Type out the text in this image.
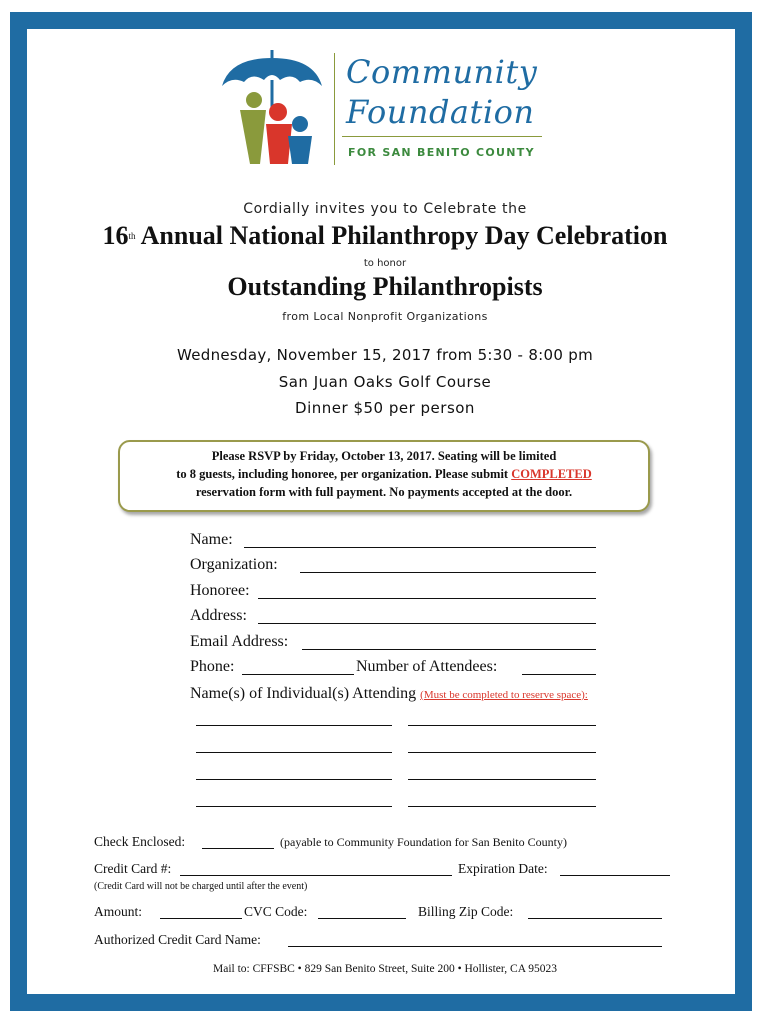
Community
Foundation
FOR SAN BENITO COUNTY
Cordially invites you to Celebrate the
16th Annual National Philanthropy Day Celebration
to honor
Outstanding Philanthropists
from Local Nonprofit Organizations
Wednesday, November 15, 2017 from 5:30 - 8:00 pm
San Juan Oaks Golf Course
Dinner $50 per person
Please RSVP by Friday, October 13, 2017. Seating will be limited
to 8 guests, including honoree, per organization. Please submit COMPLETED
reservation form with full payment. No payments accepted at the door.
Name:
Organization:
Honoree:
Address:
Email Address:
Phone:	Number of Attendees:
Name(s) of Individual(s) Attending (Must be completed to reserve space):
Check Enclosed:	(payable to Community Foundation for San Benito County)
Credit Card #:	Expiration Date:
(Credit Card will not be charged until after the event)
Amount:	CVC Code:	Billing Zip Code:
Authorized Credit Card Name:
Mail to: CFFSBC • 829 San Benito Street, Suite 200 • Hollister, CA 95023
